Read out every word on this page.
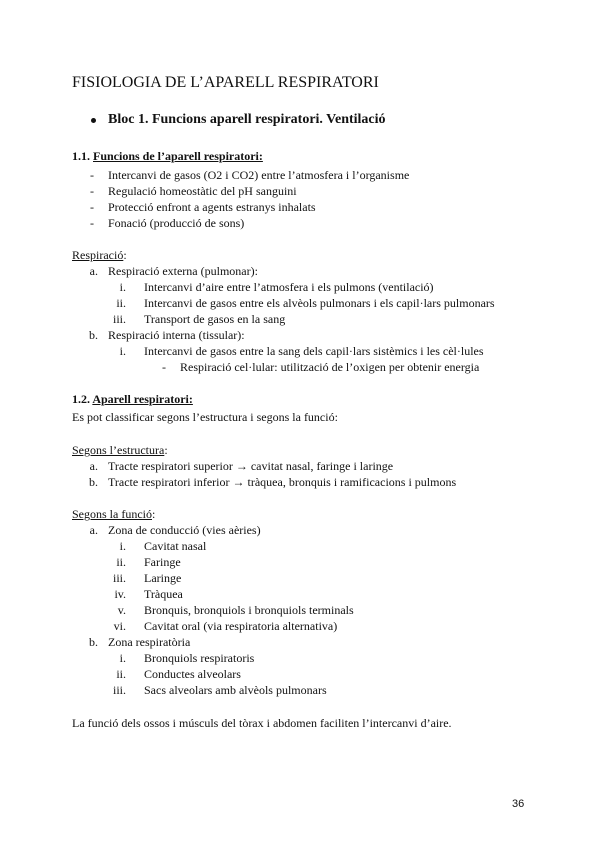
FISIOLOGIA DE L’APARELL RESPIRATORI
Bloc 1. Funcions aparell respiratori. Ventilació
1.1. Funcions de l’aparell respiratori:
- Intercanvi de gasos (O2 i CO2) entre l’atmosfera i l’organisme
- Regulació homeostàtic del pH sanguini
- Protecció enfront a agents estranys inhalats
- Fonació (producció de sons)
Respiració:
a. Respiració externa (pulmonar):
i. Intercanvi d’aire entre l’atmosfera i els pulmons (ventilació)
ii. Intercanvi de gasos entre els alvèols pulmonars i els capil·lars pulmonars
iii. Transport de gasos en la sang
b. Respiració interna (tissular):
i. Intercanvi de gasos entre la sang dels capil·lars sistèmics i les cèl·lules
- Respiració cel·lular: utilització de l’oxigen per obtenir energia
1.2. Aparell respiratori:
Es pot classificar segons l’estructura i segons la funció:
Segons l’estructura:
a. Tracte respiratori superior → cavitat nasal, faringe i laringe
b. Tracte respiratori inferior → tràquea, bronquis i ramificacions i pulmons
Segons la funció:
a. Zona de conducció (vies aèries)
i. Cavitat nasal
ii. Faringe
iii. Laringe
iv. Tràquea
v. Bronquis, bronquiols i bronquiols terminals
vi. Cavitat oral (via respiratoria alternativa)
b. Zona respiratòria
i. Bronquiols respiratoris
ii. Conductes alveolars
iii. Sacs alveolars amb alvèols pulmonars
La funció dels ossos i músculs del tòrax i abdomen faciliten l’intercanvi d’aire.
36
